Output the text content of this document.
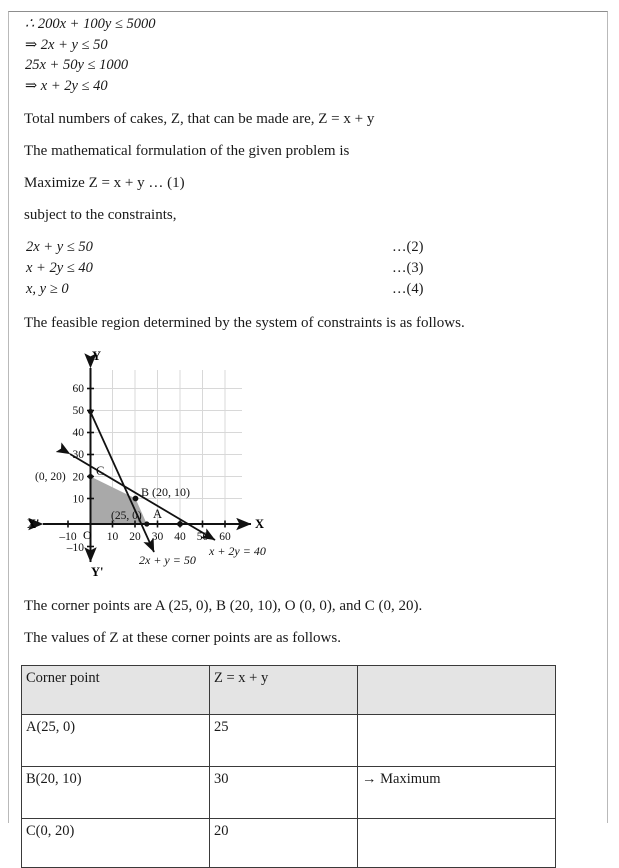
∴ 200x + 100y ≤ 5000
⇒ 2x + y ≤ 50
25x + 50y ≤ 1000
⇒ x + 2y ≤ 40
Total numbers of cakes, Z, that can be made are, Z = x + y
The mathematical formulation of the given problem is
Maximize Z = x + y … (1)
subject to the constraints,
2x + y ≤ 50	…(2)
x + 2y ≤ 40	…(3)
x, y ≥ 0	…(4)
The feasible region determined by the system of constraints is as follows.
Y
Y'
X
X'
O
60
50
40
30
20
10
–10
–10	10 20 30 40 50 60
(0, 20) C
B (20, 10)
(25, 0) A
2x + y = 50
x + 2y = 40
The corner points are A (25, 0), B (20, 10), O (0, 0), and C (0, 20).
The values of Z at these corner points are as follows.
Corner point	Z = x + y	
A(25, 0)	25	
B(20, 10)	30	→ Maximum
C(0, 20)	20	
